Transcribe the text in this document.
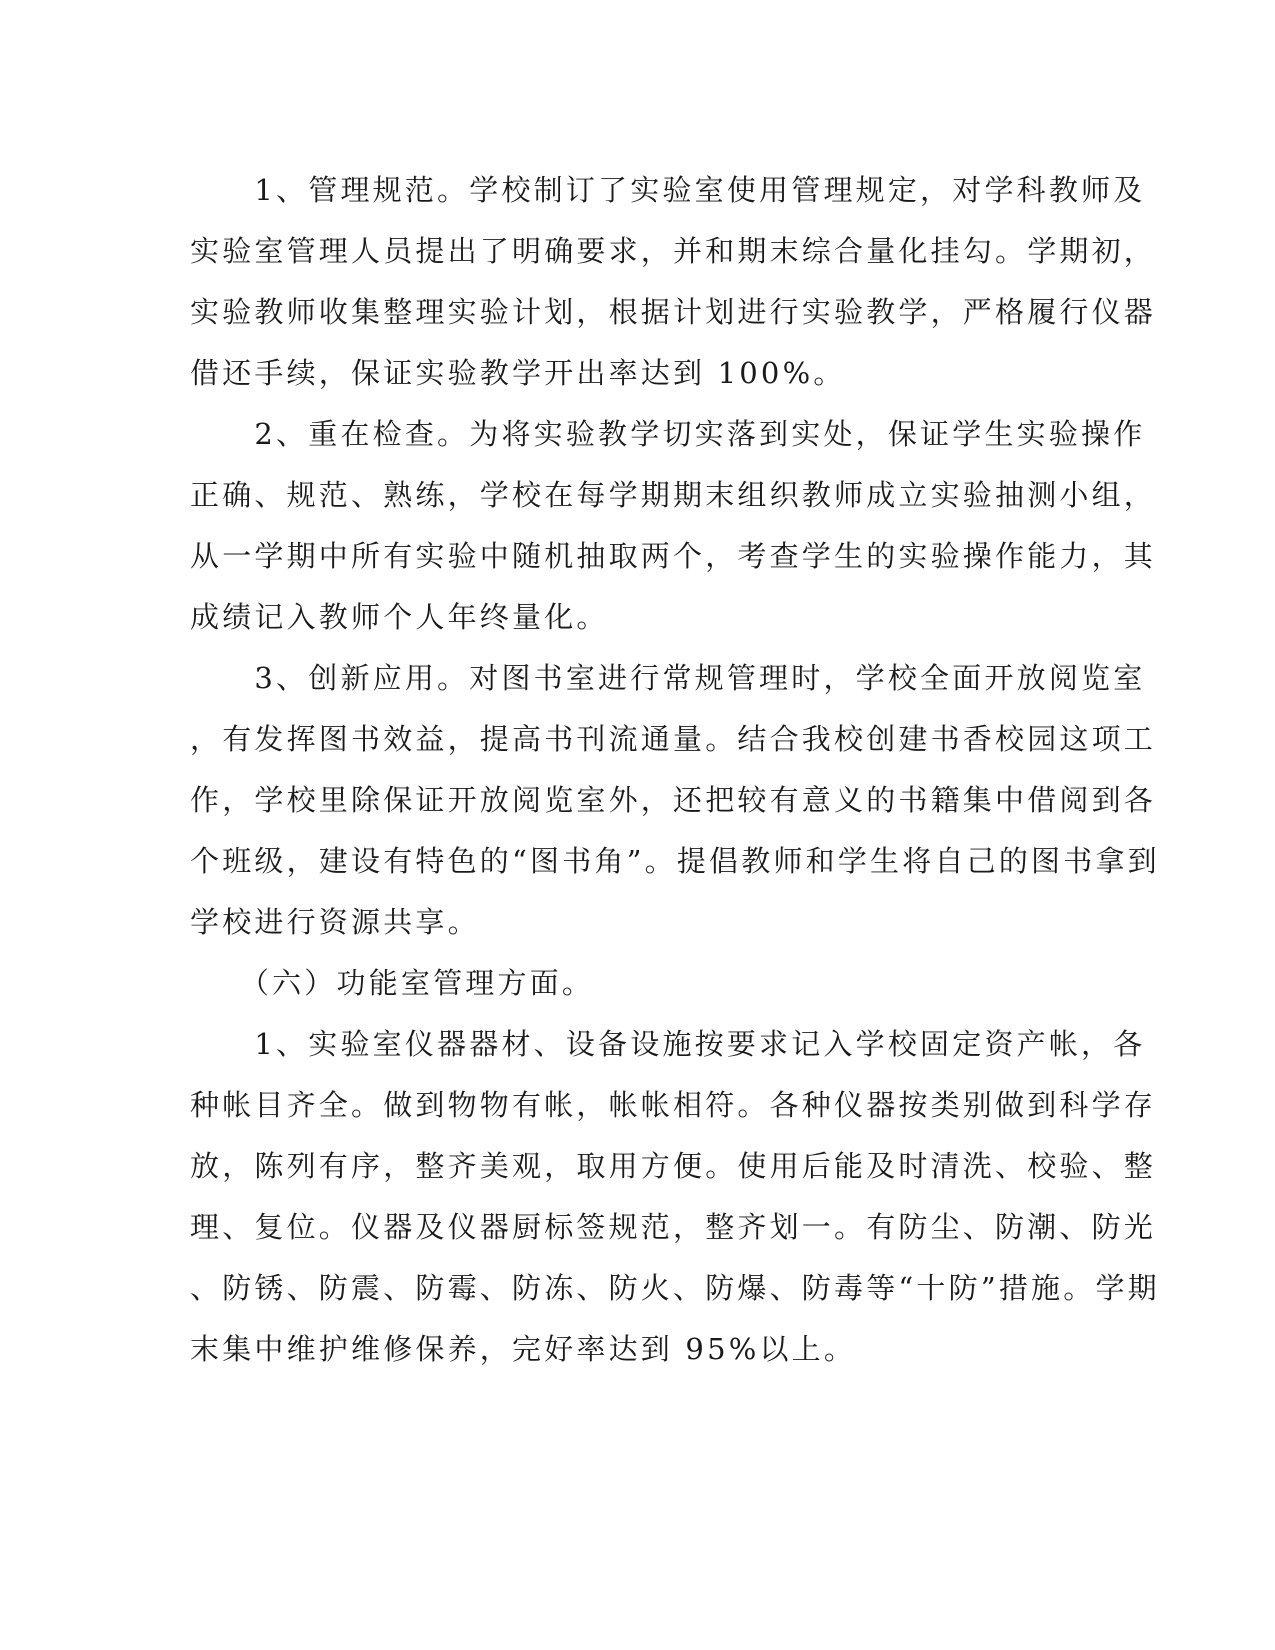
　　1、管理规范。学校制订了实验室使用管理规定，对学科教师及
实验室管理人员提出了明确要求，并和期末综合量化挂勾。学期初，
实验教师收集整理实验计划，根据计划进行实验教学，严格履行仪器
借还手续，保证实验教学开出率达到 100%。
　　2、重在检查。为将实验教学切实落到实处，保证学生实验操作
正确、规范、熟练，学校在每学期期末组织教师成立实验抽测小组，
从一学期中所有实验中随机抽取两个，考查学生的实验操作能力，其
成绩记入教师个人年终量化。
　　3、创新应用。对图书室进行常规管理时，学校全面开放阅览室
，有发挥图书效益，提高书刊流通量。结合我校创建书香校园这项工
作，学校里除保证开放阅览室外，还把较有意义的书籍集中借阅到各
个班级，建设有特色的“图书角”。提倡教师和学生将自己的图书拿到
学校进行资源共享。
　　（六）功能室管理方面。
　　1、实验室仪器器材、设备设施按要求记入学校固定资产帐，各
种帐目齐全。做到物物有帐，帐帐相符。各种仪器按类别做到科学存
放，陈列有序，整齐美观，取用方便。使用后能及时清洗、校验、整
理、复位。仪器及仪器厨标签规范，整齐划一。有防尘、防潮、防光
、防锈、防震、防霉、防冻、防火、防爆、防毒等“十防”措施。学期
末集中维护维修保养，完好率达到 95%以上。
